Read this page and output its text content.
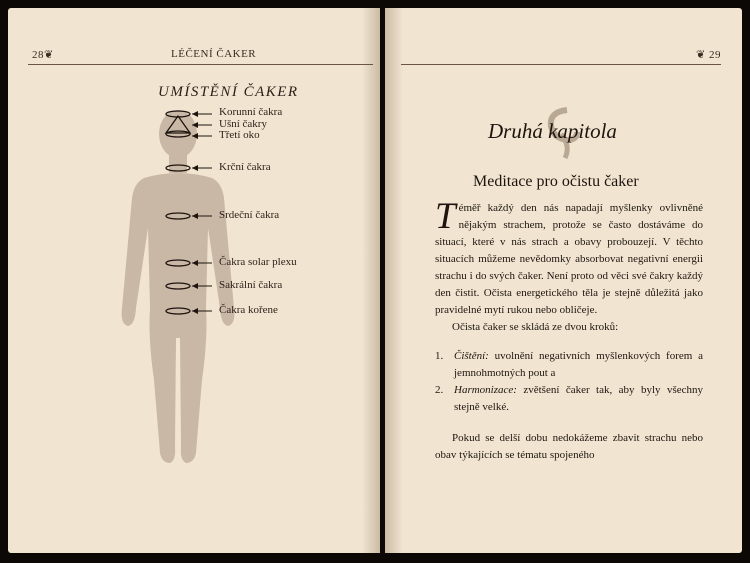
28❦	LÉČENÍ ČAKER
UMÍSTĚNÍ ČAKER
Korunní čakra
Ušní čakry
Třetí oko
Krční čakra
Srdeční čakra
Čakra solar plexu
Sakrální čakra
Čakra kořene
❦ 29
Druhá kapitola
Meditace pro očistu čaker

Téměř každý den nás napadají myšlenky ovlivněné nějakým strachem, protože se často dostáváme do situací, které v nás strach a obavy probouzejí. V těchto situacích můžeme nevědomky absorbovat negativní energii strachu i do svých čaker. Není proto od věci své čakry každý den čistit. Očista energetického těla je stejně důležitá jako pravidelné mytí rukou nebo obličeje.

Očista čaker se skládá ze dvou kroků:

1. Čištění: uvolnění negativních myšlenkových forem a jemnohmotných pout a
2. Harmonizace: zvětšení čaker tak, aby byly všechny stejně velké.

Pokud se delší dobu nedokážeme zbavit strachu nebo obav týkajících se tématu spojeného
